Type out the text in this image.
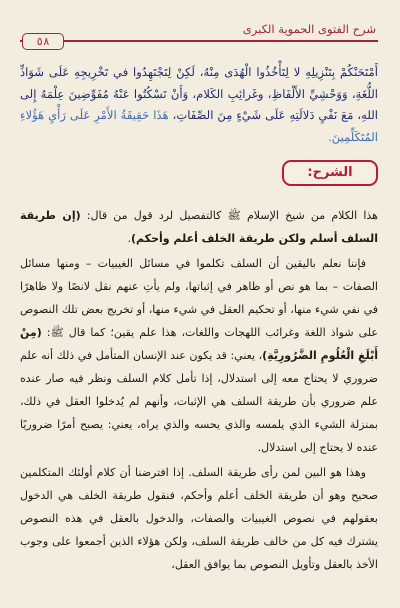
شرح الفتوى الحموية الكبرى
٥٨

أَمْتَحَنْكُمْ بِتَنْزِيلِهِ لا لِتَأْخُذُوا الْهُدَى مِنْهُ، لَكِنْ لِتَجْتَهِدُوا في تَخْرِيجِهِ عَلَى شَوَاذِّ اللُّغَةِ، وَوَحْشِيِّ الأَلْفَاظِ، وغَرائِبِ الكَلام، وَأَنْ تَسْكُتُوا عَنْهُ مُفَوِّضِينَ عِلْمَهُ إِلى اللهِ، مَعَ نَفْيِ دَلالَتِهِ عَلَى شَيْءٍ مِنَ الصِّفَاتِ، هَذَا حَقِيقَةُ الأَمْرِ عَلَى رَأْيِ هَؤُلاءِ المُتَكَلِّمِينَ.

الشرح:

هذا الكلام من شيخ الإسلام ﷺ كالتفصيل لرد قول من قال: (إن طريقة السلف أسلم ولكن طريقة الخلف أعلم وأحكم).

فإننا نعلم باليقين أن السلف تكلموا في مسائل الغيبيات – ومنها مسائل الصفات – بما هو نص أو ظاهر في إثباتها، ولم يأتِ عنهم نقل لانصًا ولا ظاهرًا في نفي شيء منها، أو تحكيم العقل في شيء منها، أو تخريج بعض تلك النصوص على شواذ اللغة وغرائب اللهجات واللغات، هذا علم يقين؛ كما قال ﷺ: (مِنْ أَبْلَغِ الْعُلُومِ الضَّرُورِيَّةِ)، يعني: قد يكون عند الإنسان المتأمل في ذلك أنه علم ضروري لا يحتاج معه إلى استدلال، إذا تأمل كلام السلف ونظر فيه صار عنده علم ضروري بأن طريقة السلف هي الإثبات، وأنهم لم يُدخلوا العقل في ذلك، بمنزلة الشيء الذي يلمسه والذي يحسه والذي يراه، يعني: يصبح أمرًا ضروريًا عنده لا يحتاج إلى استدلال.

وهذا هو البين لمن رأى طريقة السلف. إذا افترضنا أن كلام أولئك المتكلمين صحيح وهو أن طريقة الخلف أعلم وأحكم، فنقول طريقة الخلف هي الدخول بعقولهم في نصوص الغيبيات والصفات، والدخول بالعقل في هذه النصوص يشترك فيه كل من خالف طريقة السلف، ولكن هؤلاء الذين أجمعوا على وجوب الأخذ بالعقل وتأويل النصوص بما يوافق العقل،
